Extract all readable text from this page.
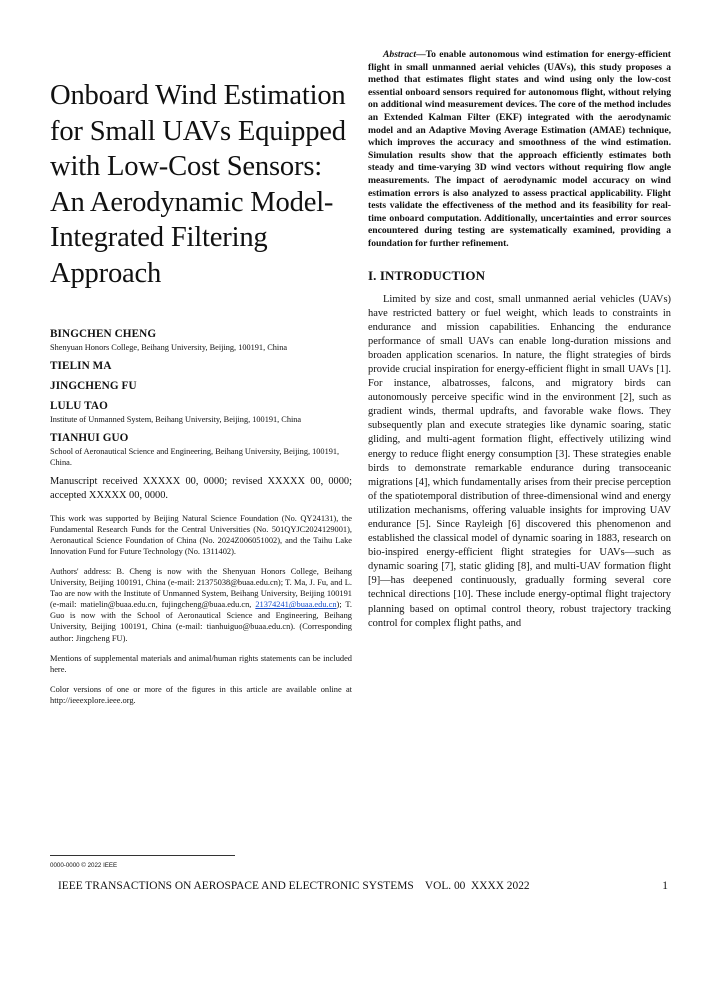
Onboard Wind Estimation for Small UAVs Equipped with Low-Cost Sensors: An Aerodynamic Model-Integrated Filtering Approach

BINGCHEN CHENG

Shenyuan Honors College, Beihang University, Beijing, 100191, China

TIELIN MA

JINGCHENG FU

LULU TAO

Institute of Unmanned System, Beihang University, Beijing, 100191, China

TIANHUI GUO

School of Aeronautical Science and Engineering, Beihang University, Beijing, 100191, China.

Manuscript received XXXXX 00, 0000; revised XXXXX 00, 0000; accepted XXXXX 00, 0000.

This work was supported by Beijing Natural Science Foundation (No. QY24131), the Fundamental Research Funds for the Central Universities (No. 501QYJC2024129001), Aeronautical Science Foundation of China (No. 2024Z006051002), and the Taihu Lake Innovation Fund for Future Technology (No. 1311402).

Authors' address: B. Cheng is now with the Shenyuan Honors College, Beihang University, Beijing 100191, China (e-mail: 21375038@buaa.edu.cn); T. Ma, J. Fu, and L. Tao are now with the Institute of Unmanned System, Beihang University, Beijing 100191 (e-mail: matielin@buaa.edu.cn, fujingcheng@buaa.edu.cn, 21374241@buaa.edu.cn); T. Guo is now with the School of Aeronautical Science and Engineering, Beihang University, Beijing 100191, China (e-mail: tianhuiguo@buaa.edu.cn). (Corresponding author: Jingcheng FU).

Mentions of supplemental materials and animal/human rights statements can be included here.

Color versions of one or more of the figures in this article are available online at http://ieeexplore.ieee.org.

Abstract—To enable autonomous wind estimation for energy-efficient flight in small unmanned aerial vehicles (UAVs), this study proposes a method that estimates flight states and wind using only the low-cost essential onboard sensors required for autonomous flight, without relying on additional wind measurement devices. The core of the method includes an Extended Kalman Filter (EKF) integrated with the aerodynamic model and an Adaptive Moving Average Estimation (AMAE) technique, which improves the accuracy and smoothness of the wind estimation. Simulation results show that the approach efficiently estimates both steady and time-varying 3D wind vectors without requiring flow angle measurements. The impact of aerodynamic model accuracy on wind estimation errors is also analyzed to assess practical applicability. Flight tests validate the effectiveness of the method and its feasibility for real-time onboard computation. Additionally, uncertainties and error sources encountered during testing are systematically examined, providing a foundation for further refinement.

I. INTRODUCTION

Limited by size and cost, small unmanned aerial vehicles (UAVs) have restricted battery or fuel weight, which leads to constraints in endurance and mission capabilities. Enhancing the endurance performance of small UAVs can enable long-duration missions and broaden application scenarios. In nature, the flight strategies of birds provide crucial inspiration for energy-efficient flight in small UAVs [1]. For instance, albatrosses, falcons, and migratory birds can autonomously perceive specific wind in the environment [2], such as gradient winds, thermal updrafts, and favorable wake flows. They subsequently plan and execute strategies like dynamic soaring, static gliding, and multi-agent formation flight, effectively utilizing wind energy to reduce flight energy consumption [3]. These strategies enable birds to demonstrate remarkable endurance during transoceanic migrations [4], which fundamentally arises from their precise perception of the spatiotemporal distribution of three-dimensional wind and energy utilization mechanisms, offering valuable insights for improving UAV endurance [5]. Since Rayleigh [6] discovered this phenomenon and established the classical model of dynamic soaring in 1883, research on bio-inspired energy-efficient flight strategies for UAVs—such as dynamic soaring [7], static gliding [8], and multi-UAV formation flight [9]—has deepened continuously, gradually forming several core technical directions [10]. These include energy-optimal flight trajectory planning based on optimal control theory, robust trajectory tracking control for complex flight paths, and

0000-0000 © 2022 IEEE
IEEE TRANSACTIONS ON AEROSPACE AND ELECTRONIC SYSTEMS    VOL. 00  XXXX 2022	1
